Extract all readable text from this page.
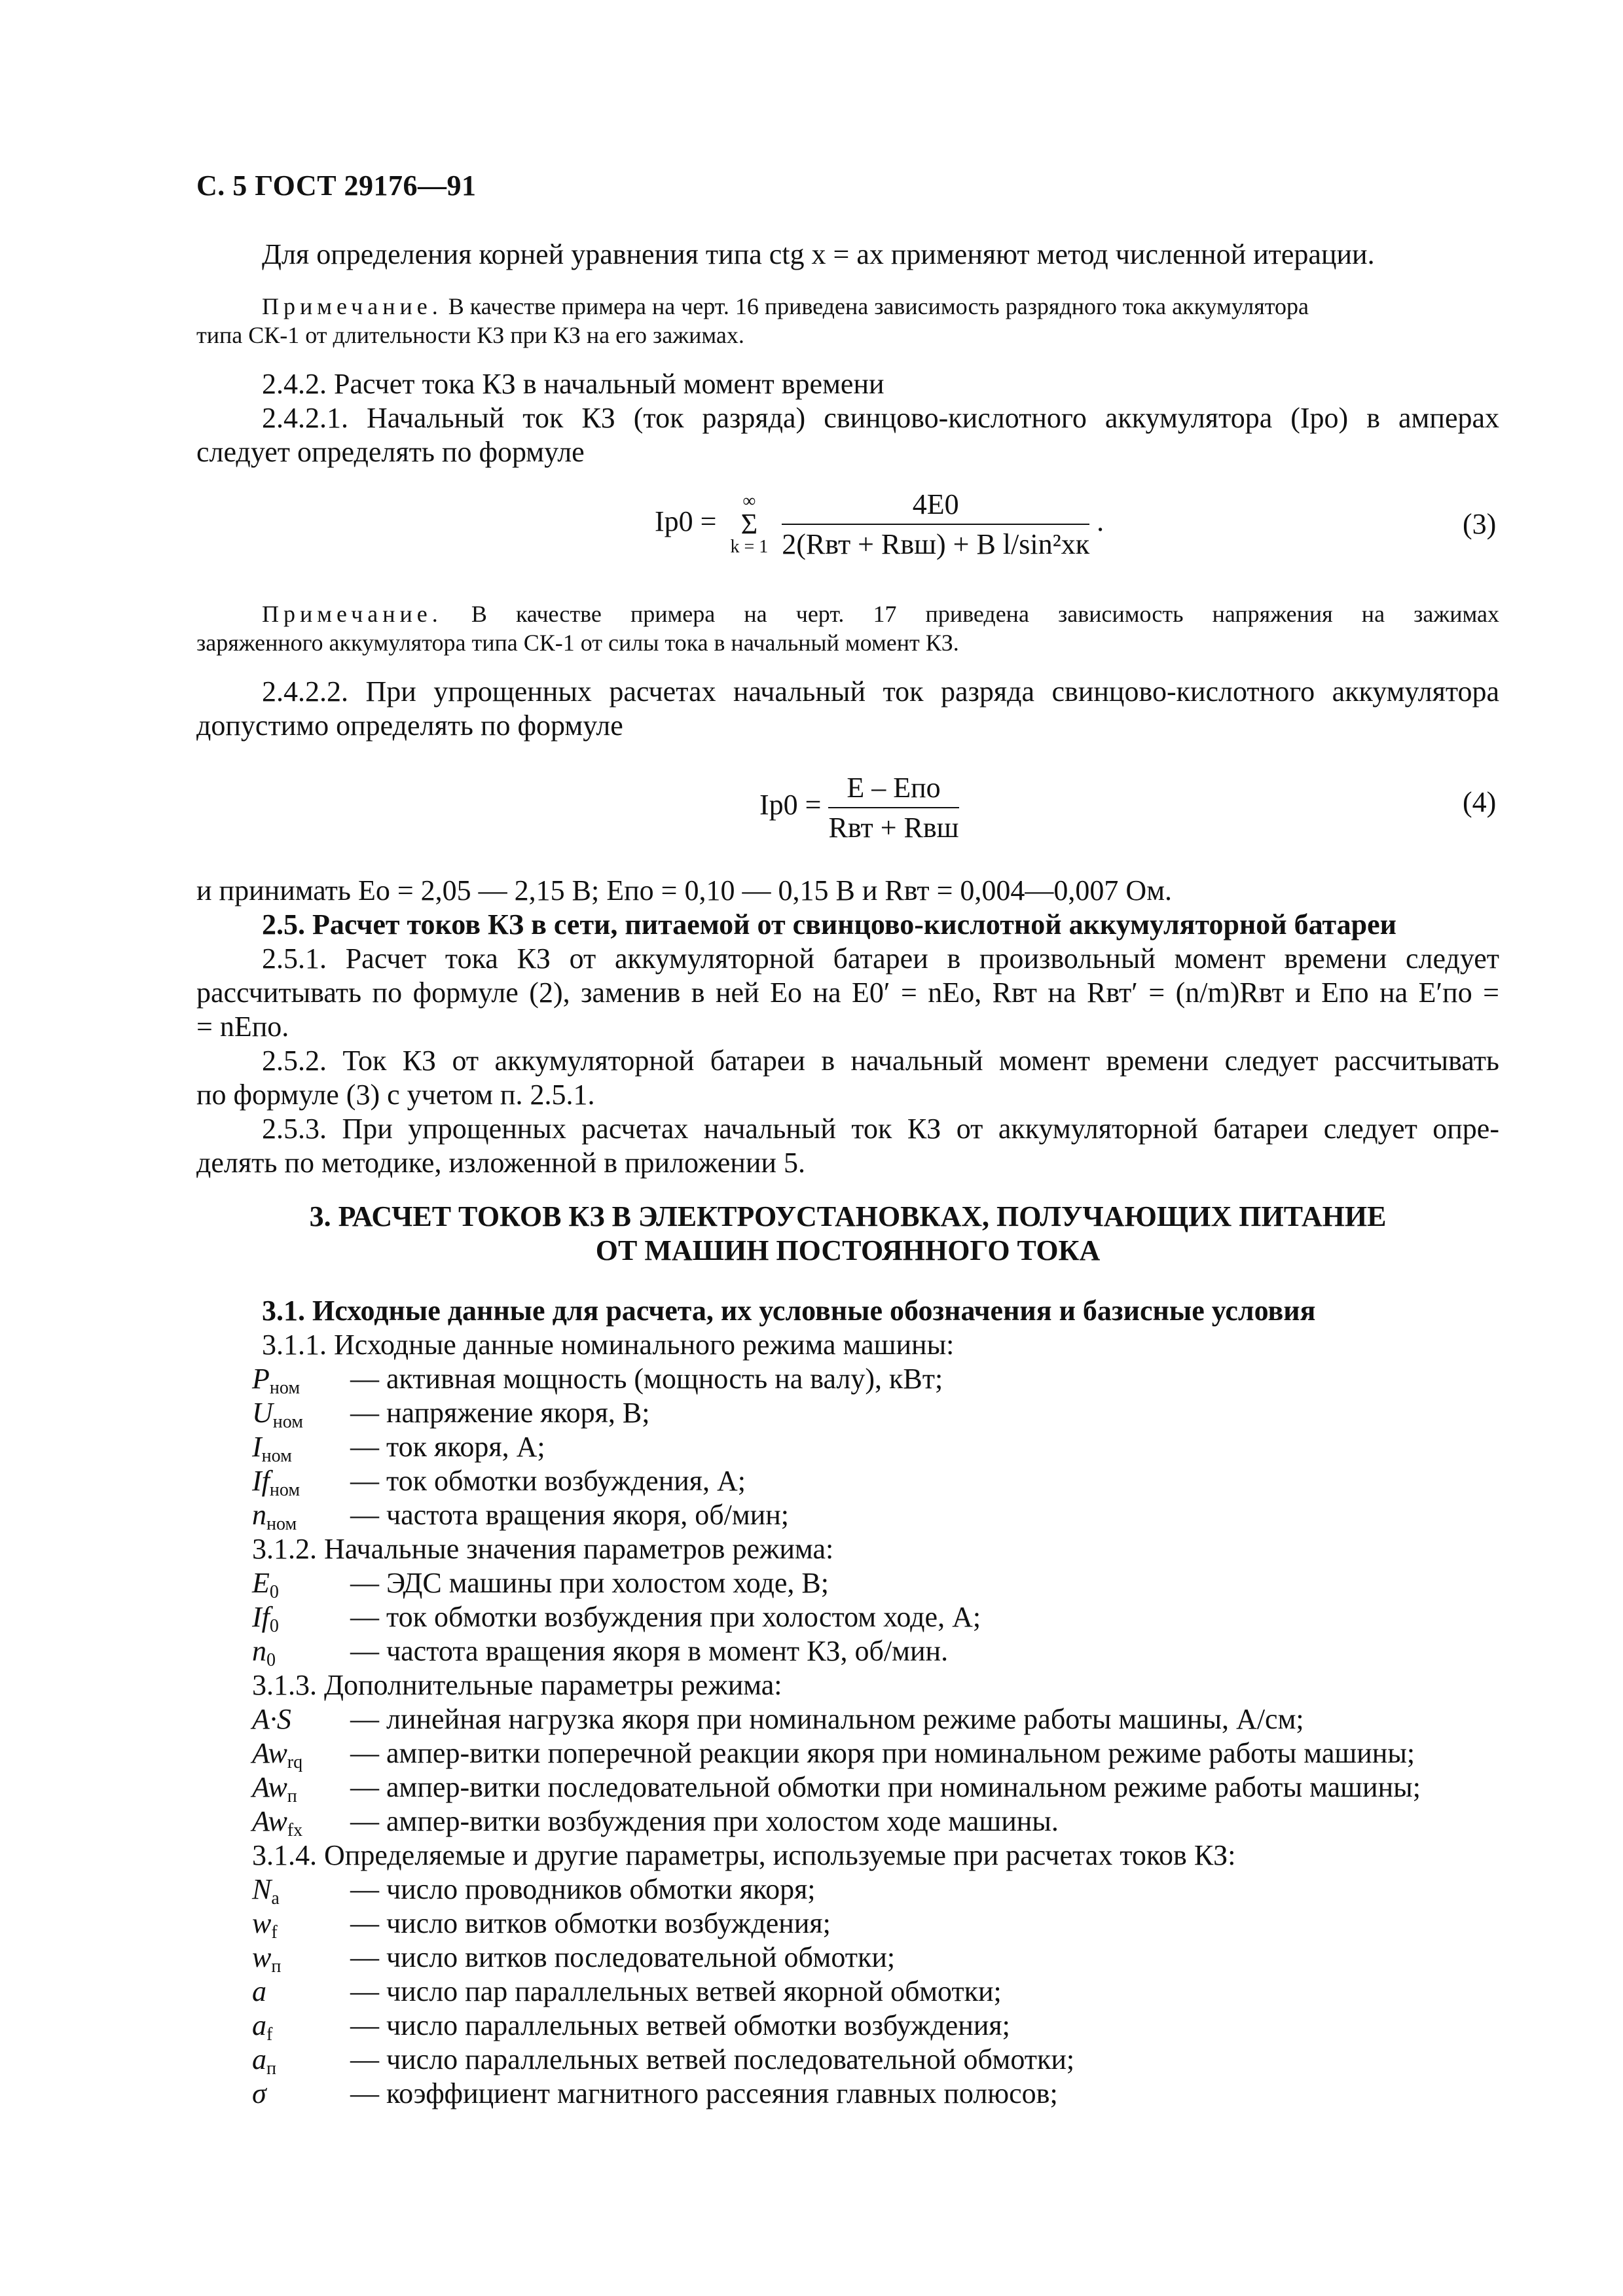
С. 5 ГОСТ 29176—91
Для определения корней уравнения типа ctg x = ax применяют метод численной итерации.
Примечание. В качестве примера на черт. 16 приведена зависимость разрядного тока аккумулятора
типа СК-1 от длительности КЗ при КЗ на его зажимах.
2.4.2. Расчет тока КЗ в начальный момент времени
2.4.2.1. Начальный ток КЗ (ток разряда) свинцово-кислотного аккумулятора (Iро) в амперах
следует определять по формуле
Iр0 =
∞
Σ
k = 1
$\frac{4E0}{\text{2(Rвт + Rвш) + B l/sin²xк}}$ .	(3)
Примечание. В качестве примера на черт. 17 приведена зависимость напряжения на зажимах
заряженного аккумулятора типа СК-1 от силы тока в начальный момент КЗ.
2.4.2.2. При упрощенных расчетах начальный ток разряда свинцово-кислотного аккумулятора
допустимо определять по формуле
$Iр0 = \frac{\text{E – Eпо}}{\text{Rвт + Rвш}}$	(4)
и принимать Eо = 2,05 — 2,15 В; Eпо = 0,10 — 0,15 В и Rвт = 0,004—0,007 Ом.
2.5. Расчет токов КЗ в сети, питаемой от свинцово-кислотной аккумуляторной батареи
2.5.1. Расчет тока КЗ от аккумуляторной батареи в произвольный момент времени следует
рассчитывать по формуле (2), заменив в ней Eо на E0′ = nEо, Rвт на Rвт′ = (n/m)Rвт и Eпо на E′по =
= nEпо.
2.5.2. Ток КЗ от аккумуляторной батареи в начальный момент времени следует рассчитывать
по формуле (3) с учетом п. 2.5.1.
2.5.3. При упрощенных расчетах начальный ток КЗ от аккумуляторной батареи следует опре-
делять по методике, изложенной в приложении 5.
3. РАСЧЕТ ТОКОВ КЗ В ЭЛЕКТРОУСТАНОВКАХ, ПОЛУЧАЮЩИХ ПИТАНИЕ
ОТ МАШИН ПОСТОЯННОГО ТОКА
3.1. Исходные данные для расчета, их условные обозначения и базисные условия
3.1.1. Исходные данные номинального режима машины:
$P_{ном}$ — активная мощность (мощность на валу), кВт;
$U_{ном}$ — напряжение якоря, В;
$I_{ном}$ — ток якоря, А;
$If_{ном}$ — ток обмотки возбуждения, А;
$n_{ном}$ — частота вращения якоря, об/мин;
3.1.2. Начальные значения параметров режима:
$E_0$ — ЭДС машины при холостом ходе, В;
$If_0$ — ток обмотки возбуждения при холостом ходе, А;
$n_0$	— частота вращения якоря в момент КЗ, об/мин.
3.1.3. Дополнительные параметры режима:
A·S — линейная нагрузка якоря при номинальном режиме работы машины, А/см;
$Aw_{rq}$ — ампер-витки поперечной реакции якоря при номинальном режиме работы машины;
$Aw_п$ — ампер-витки последовательной обмотки при номинальном режиме работы машины;
$Aw_{fx}$ — ампер-витки возбуждения при холостом ходе машины.
3.1.4. Определяемые и другие параметры, используемые при расчетах токов КЗ:
$N_a$ — число проводников обмотки якоря;
$w_f$	— число витков обмотки возбуждения;
$w_п$ — число витков последовательной обмотки;
a	— число пар параллельных ветвей якорной обмотки;
$a_f$	— число параллельных ветвей обмотки возбуждения;
$a_п$	— число параллельных ветвей последовательной обмотки;
σ	— коэффициент магнитного рассеяния главных полюсов;
